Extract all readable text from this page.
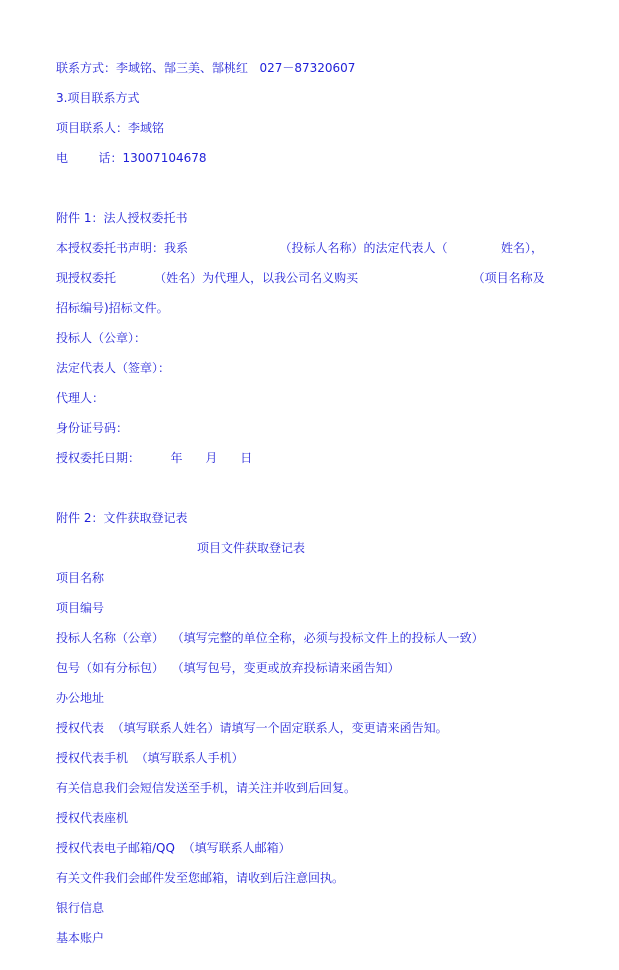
联系方式：李域铭、郜三美、郜桃红   027－87320607

3.项目联系方式

项目联系人：李域铭

电        话：13007104678

附件 1：法人授权委托书

本授权委托书声明：我系                        （投标人名称）的法定代表人（              姓名），

现授权委托          （姓名）为代理人，以我公司名义购买                              （项目名称及

招标编号)招标文件。

投标人（公章）：

法定代表人（签章）：

代理人：

身份证号码：

授权委托日期：        年      月      日

附件 2：文件获取登记表

项目文件获取登记表

项目名称

项目编号

投标人名称（公章）  （填写完整的单位全称，必须与投标文件上的投标人一致）

包号（如有分标包）  （填写包号，变更或放弃投标请来函告知）

办公地址

授权代表  （填写联系人姓名）请填写一个固定联系人，变更请来函告知。

授权代表手机  （填写联系人手机）

有关信息我们会短信发送至手机，请关注并收到后回复。

授权代表座机

授权代表电子邮箱/QQ  （填写联系人邮箱）

有关文件我们会邮件发至您邮箱，请收到后注意回执。

银行信息

基本账户
